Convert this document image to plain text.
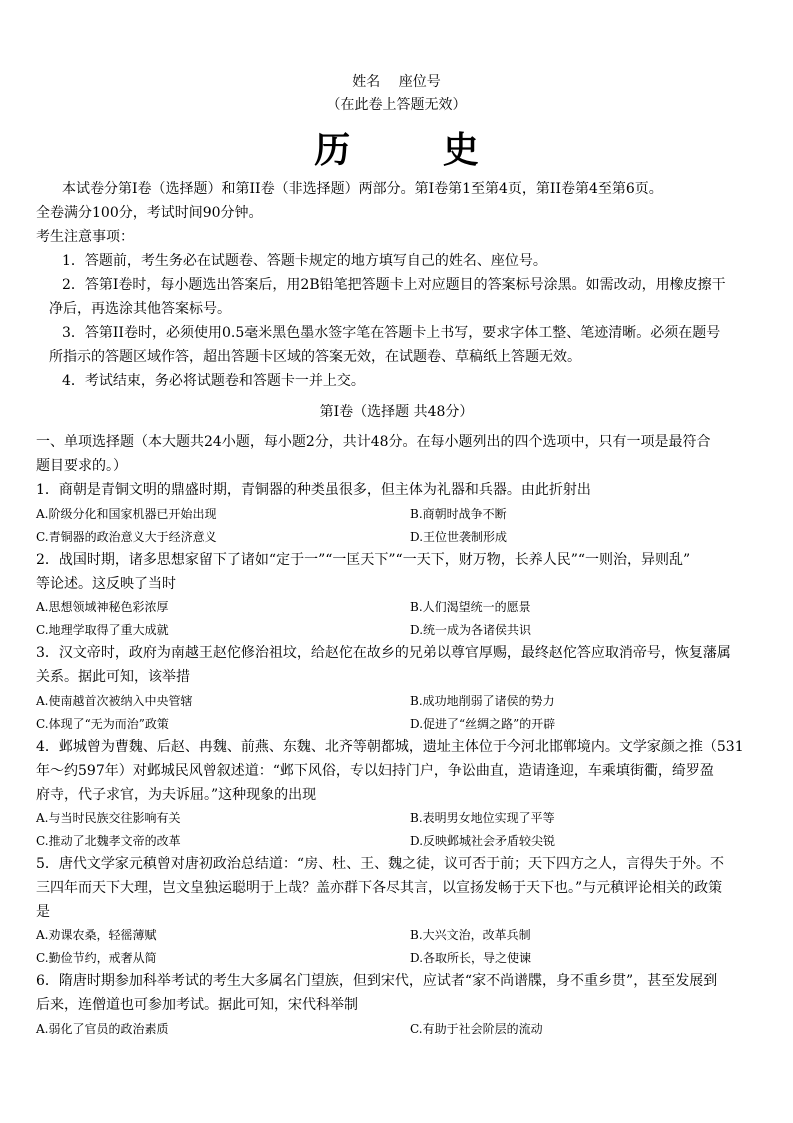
姓名　 座位号
（在此卷上答题无效）
历 史
本试卷分第Ⅰ卷（选择题）和第II卷（非选择题）两部分。第Ⅰ卷第1至第4页，第II卷第4至第6页。
全卷满分100分，考试时间90分钟。
考生注意事项：
1．答题前，考生务必在试题卷、答题卡规定的地方填写自己的姓名、座位号。
2．答第Ⅰ卷时，每小题选出答案后，用2B铅笔把答题卡上对应题目的答案标号涂黑。如需改动，用橡皮擦干
净后，再选涂其他答案标号。
3．答第II卷时，必须使用0.5毫米黑色墨水签字笔在答题卡上书写，要求字体工整、笔迹清晰。必须在题号
所指示的答题区域作答，超出答题卡区域的答案无效，在试题卷、草稿纸上答题无效。
4．考试结束，务必将试题卷和答题卡一并上交。
第Ⅰ卷（选择题 共48分）
一、单项选择题（本大题共24小题，每小题2分，共计48分。在每小题列出的四个选项中，只有一项是最符合
题目要求的。）
1．商朝是青铜文明的鼎盛时期，青铜器的种类虽很多，但主体为礼器和兵器。由此折射出
A.阶级分化和国家机器已开始出现	B.商朝时战争不断
C.青铜器的政治意义大于经济意义	D.王位世袭制形成
2．战国时期，诸多思想家留下了诸如“定于一”“一匡天下”“一天下，财万物，长养人民”“一则治，异则乱”
等论述。这反映了当时
A.思想领域神秘色彩浓厚	B.人们渴望统一的愿景
C.地理学取得了重大成就	D.统一成为各诸侯共识
3．汉文帝时，政府为南越王赵佗修治祖坟，给赵佗在故乡的兄弟以尊官厚赐，最终赵佗答应取消帝号，恢复藩属
关系。据此可知，该举措
A.使南越首次被纳入中央管辖	B.成功地削弱了诸侯的势力
C.体现了“无为而治”政策	D.促进了“丝绸之路”的开辟
4．邺城曾为曹魏、后赵、冉魏、前燕、东魏、北齐等朝都城，遗址主体位于今河北邯郸境内。文学家颜之推（531
年～约597年）对邺城民风曾叙述道：“邺下风俗，专以妇持门户，争讼曲直，造请逢迎，车乘填街衢，绮罗盈
府寺，代子求官，为夫诉屈。”这种现象的出现
A.与当时民族交往影响有关	B.表明男女地位实现了平等
C.推动了北魏孝文帝的改革	D.反映邺城社会矛盾较尖锐
5．唐代文学家元稹曾对唐初政治总结道：“房、杜、王、魏之徒，议可否于前；天下四方之人，言得失于外。不
三四年而天下大理，岂文皇独运聪明于上哉？盖亦群下各尽其言，以宣扬发畅于天下也。”与元稹评论相关的政策
是
A.劝课农桑，轻徭薄赋	B.大兴文治，改革兵制
C.勤俭节约，戒奢从简	D.各取所长，导之使谏
6．隋唐时期参加科举考试的考生大多属名门望族，但到宋代，应试者“家不尚谱牒，身不重乡贯”，甚至发展到
后来，连僧道也可参加考试。据此可知，宋代科举制
A.弱化了官员的政治素质	C.有助于社会阶层的流动
